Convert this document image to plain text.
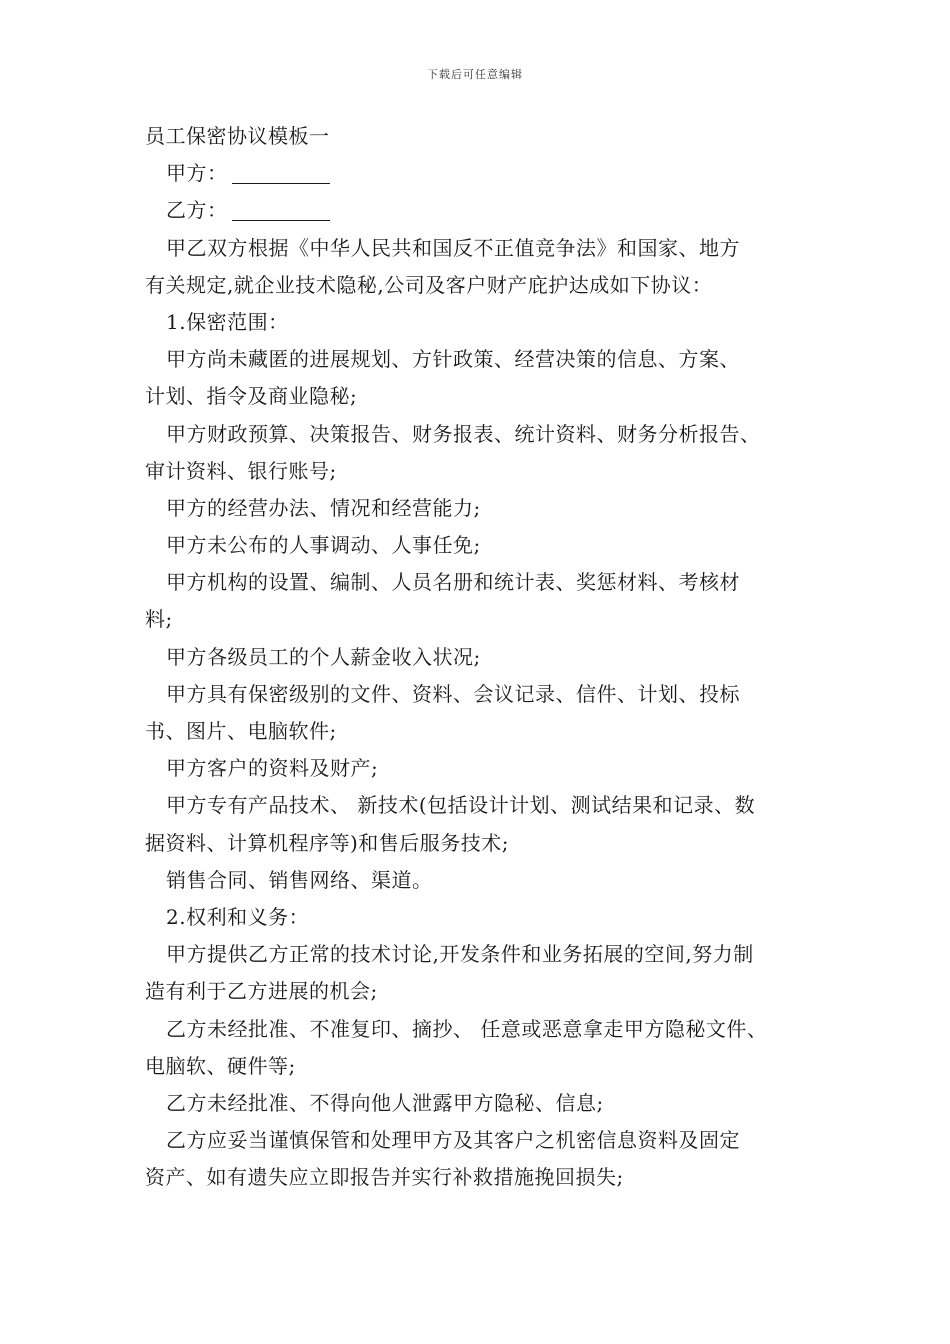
下载后可任意编辑
员工保密协议模板一
甲方：
乙方：
甲乙双方根据《中华人民共和国反不正值竞争法》和国家、地方
有关规定,就企业技术隐秘,公司及客户财产庇护达成如下协议：
1.保密范围：
甲方尚未藏匿的进展规划、方针政策、经营决策的信息、方案、
计划、指令及商业隐秘;
甲方财政预算、决策报告、财务报表、统计资料、财务分析报告、
审计资料、银行账号;
甲方的经营办法、情况和经营能力;
甲方未公布的人事调动、人事任免;
甲方机构的设置、编制、人员名册和统计表、奖惩材料、考核材
料;
甲方各级员工的个人薪金收入状况;
甲方具有保密级别的文件、资料、会议记录、信件、计划、投标
书、图片、电脑软件;
甲方客户的资料及财产;
甲方专有产品技术、 新技术(包括设计计划、测试结果和记录、数
据资料、计算机程序等)和售后服务技术;
销售合同、销售网络、渠道。
2.权利和义务：
甲方提供乙方正常的技术讨论,开发条件和业务拓展的空间,努力制
造有利于乙方进展的机会;
乙方未经批准、不准复印、摘抄、 任意或恶意拿走甲方隐秘文件、
电脑软、硬件等;
乙方未经批准、不得向他人泄露甲方隐秘、信息;
乙方应妥当谨慎保管和处理甲方及其客户之机密信息资料及固定
资产、如有遗失应立即报告并实行补救措施挽回损失;
